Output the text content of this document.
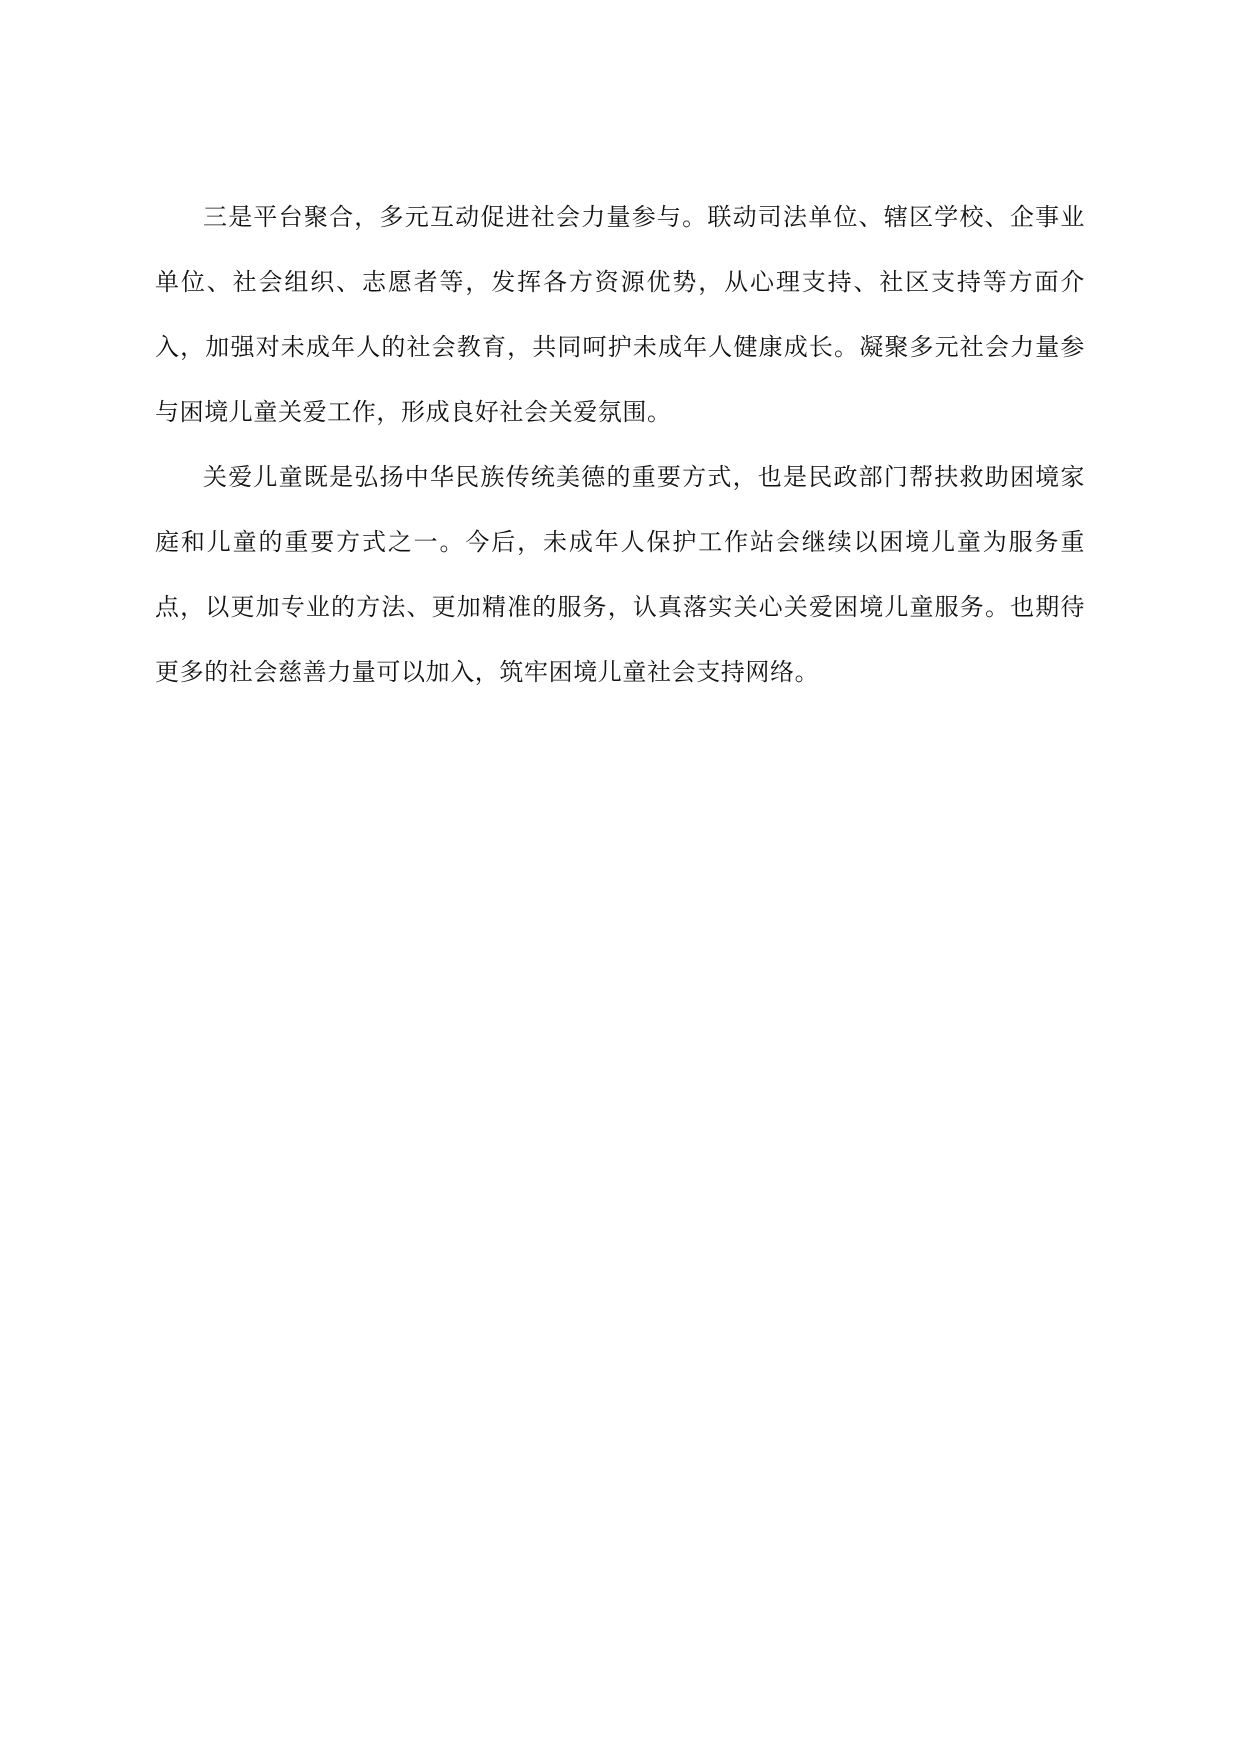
三是平台聚合，多元互动促进社会力量参与。联动司法单位、辖区学校、企事业单位、社会组织、志愿者等，发挥各方资源优势，从心理支持、社区支持等方面介入，加强对未成年人的社会教育，共同呵护未成年人健康成长。凝聚多元社会力量参与困境儿童关爱工作，形成良好社会关爱氛围。

关爱儿童既是弘扬中华民族传统美德的重要方式，也是民政部门帮扶救助困境家庭和儿童的重要方式之一。今后，未成年人保护工作站会继续以困境儿童为服务重点，以更加专业的方法、更加精准的服务，认真落实关心关爱困境儿童服务。也期待更多的社会慈善力量可以加入，筑牢困境儿童社会支持网络。
